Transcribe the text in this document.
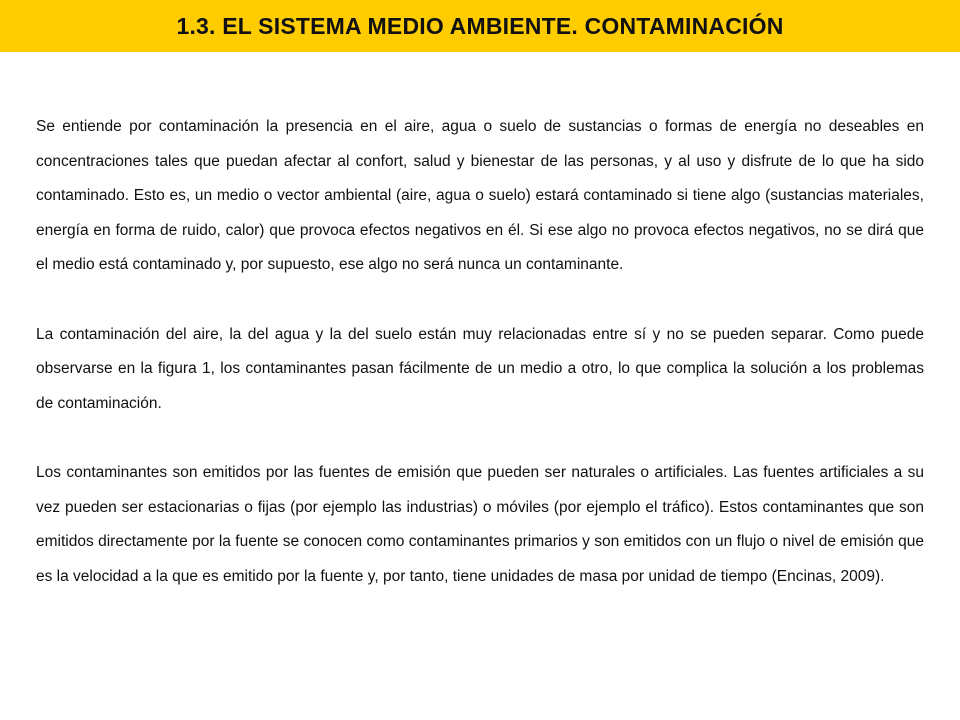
1.3. EL SISTEMA MEDIO AMBIENTE. CONTAMINACIÓN

Se entiende por contaminación la presencia en el aire, agua o suelo de sustancias o formas de energía no deseables en concentraciones tales que puedan afectar al confort, salud y bienestar de las personas, y al uso y disfrute de lo que ha sido contaminado. Esto es, un medio o vector ambiental (aire, agua o suelo) estará contaminado si tiene algo (sustancias materiales, energía en forma de ruido, calor) que provoca efectos negativos en él. Si ese algo no provoca efectos negativos, no se dirá que el medio está contaminado y, por supuesto, ese algo no será nunca un contaminante.

La contaminación del aire, la del agua y la del suelo están muy relacionadas entre sí y no se pueden separar. Como puede observarse en la figura 1, los contaminantes pasan fácilmente de un medio a otro, lo que complica la solución a los problemas de contaminación.

Los contaminantes son emitidos por las fuentes de emisión que pueden ser naturales o artificiales. Las fuentes artificiales a su vez pueden ser estacionarias o fijas (por ejemplo las industrias) o móviles (por ejemplo el tráfico). Estos contaminantes que son emitidos directamente por la fuente se conocen como contaminantes primarios y son emitidos con un flujo o nivel de emisión que es la velocidad a la que es emitido por la fuente y, por tanto, tiene unidades de masa por unidad de tiempo (Encinas, 2009).
